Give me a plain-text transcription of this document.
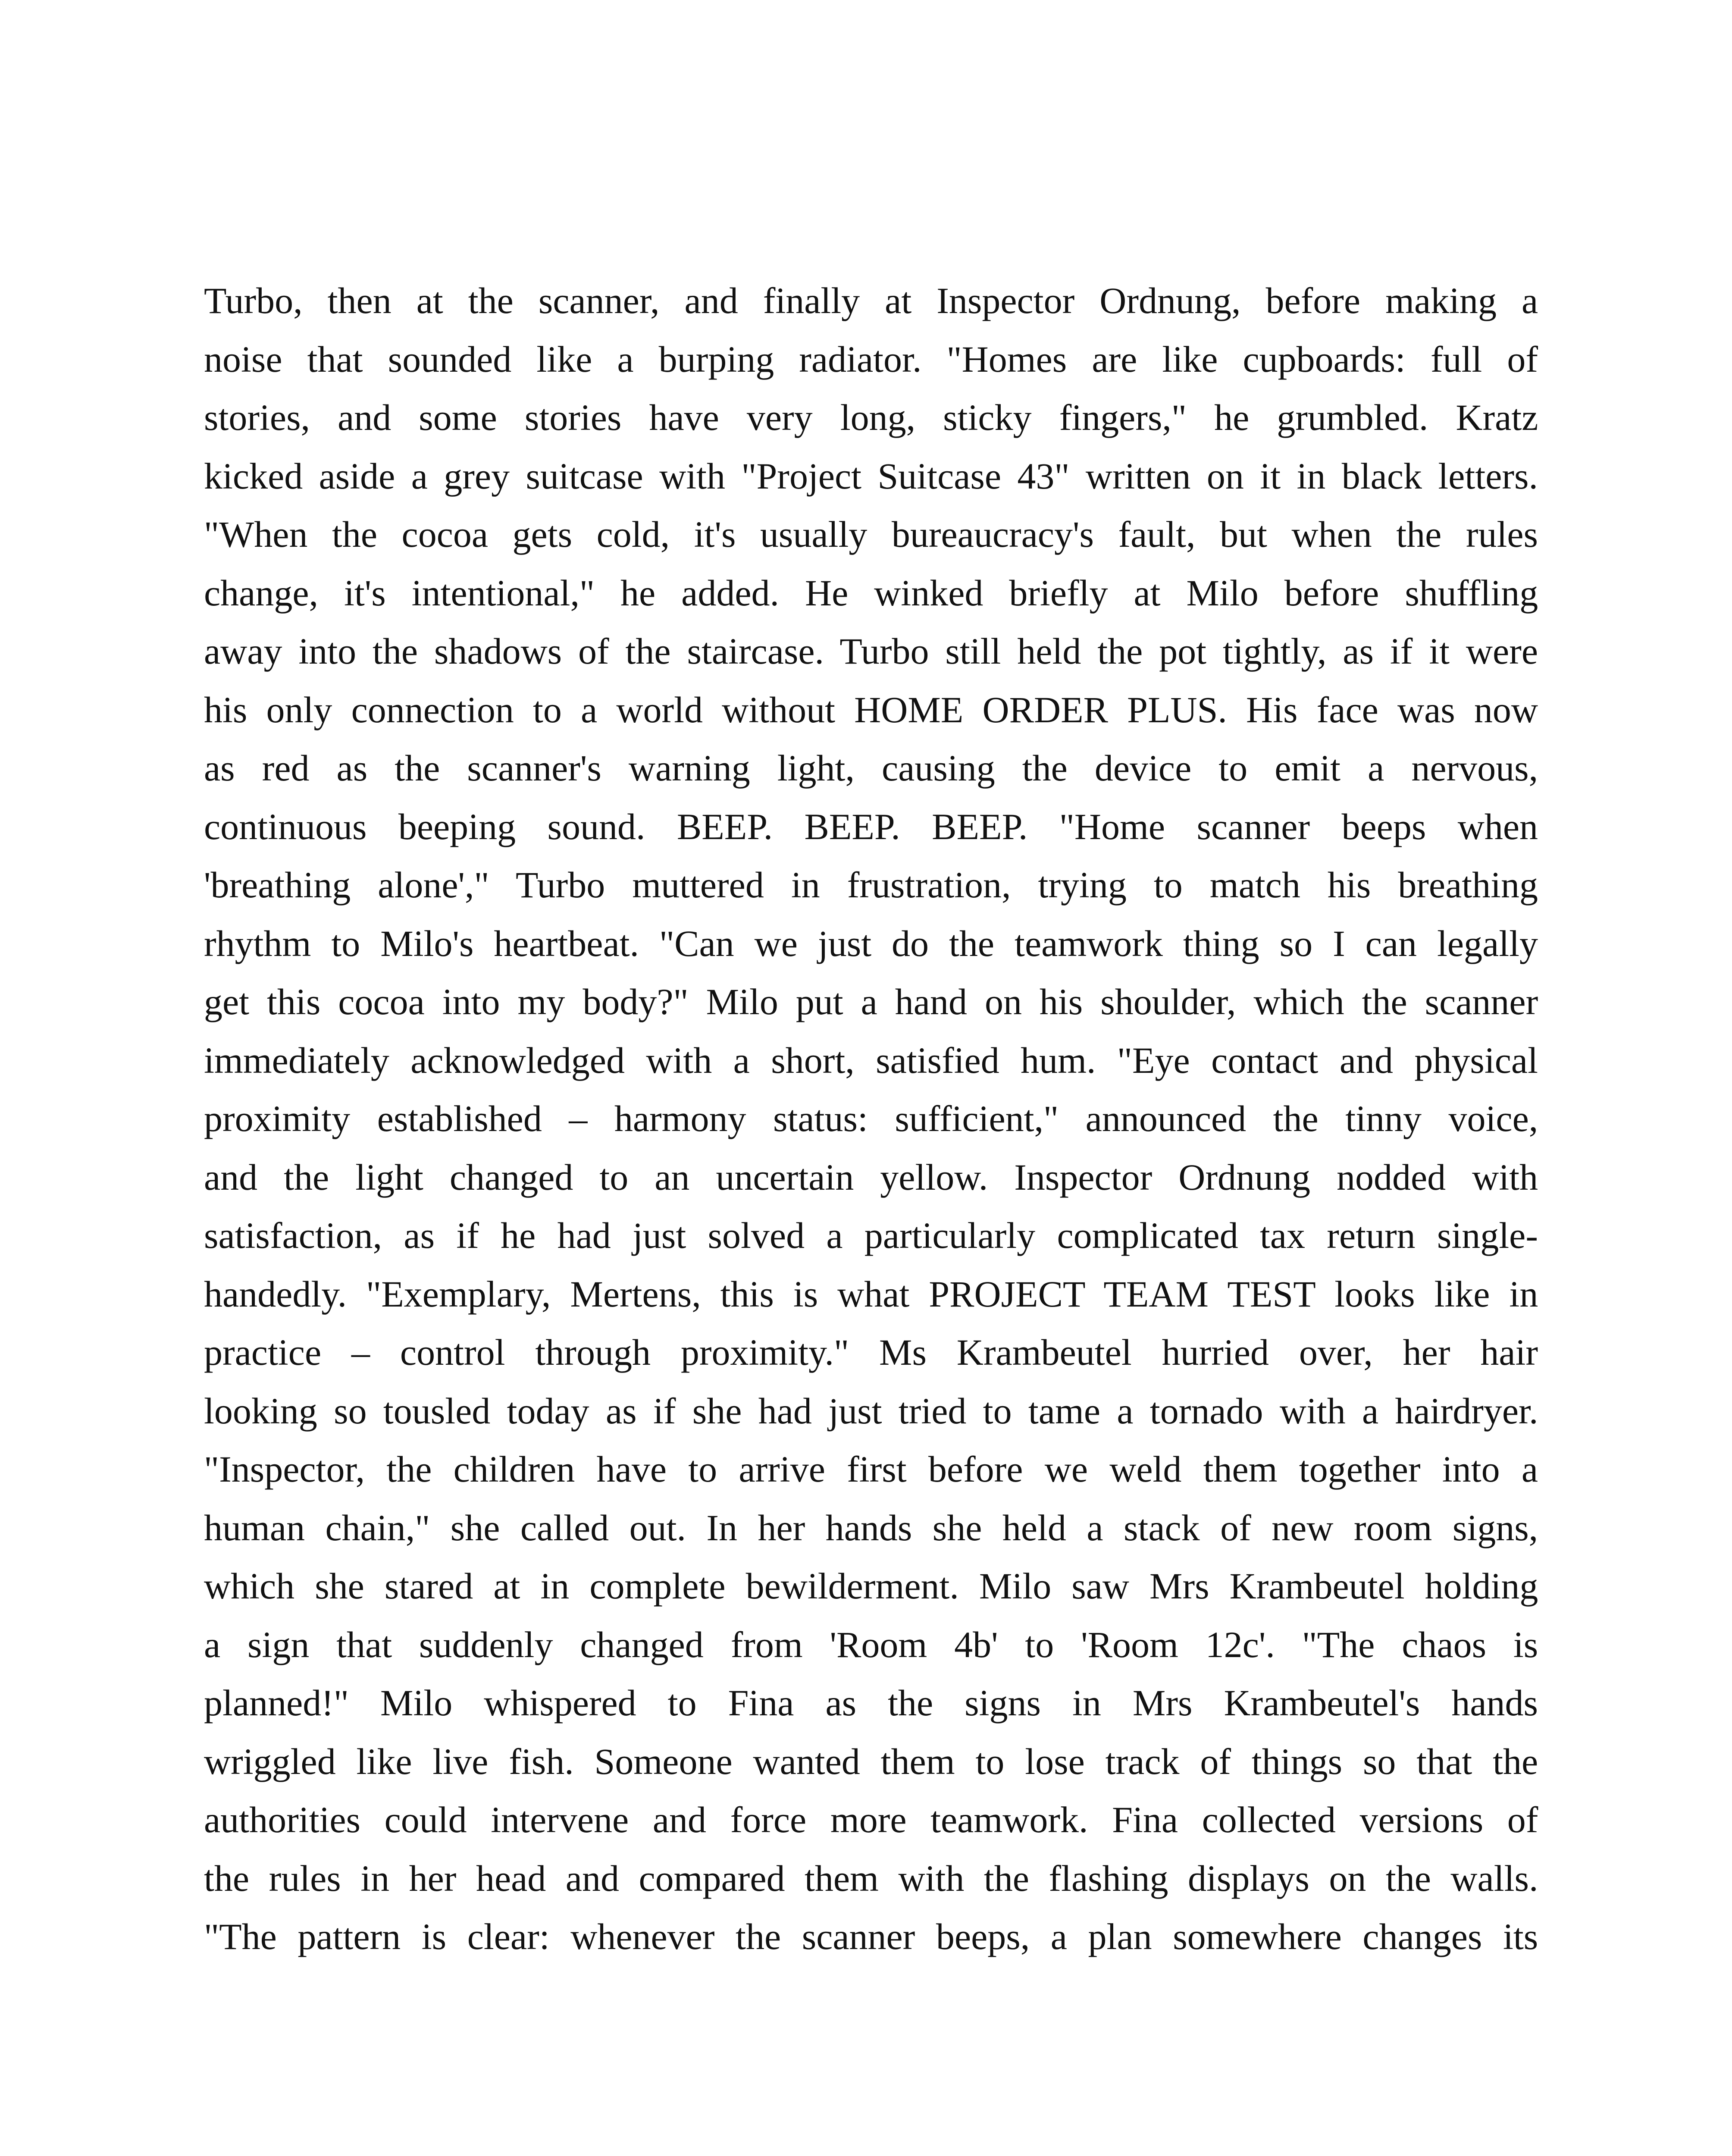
Turbo, then at the scanner, and finally at Inspector Ordnung, before making a
noise that sounded like a burping radiator. "Homes are like cupboards: full of
stories, and some stories have very long, sticky fingers," he grumbled. Kratz
kicked aside a grey suitcase with "Project Suitcase 43" written on it in black letters.
"When the cocoa gets cold, it's usually bureaucracy's fault, but when the rules
change, it's intentional," he added. He winked briefly at Milo before shuffling
away into the shadows of the staircase. Turbo still held the pot tightly, as if it were
his only connection to a world without HOME ORDER PLUS. His face was now
as red as the scanner's warning light, causing the device to emit a nervous,
continuous beeping sound. BEEP. BEEP. BEEP. "Home scanner beeps when
'breathing alone'," Turbo muttered in frustration, trying to match his breathing
rhythm to Milo's heartbeat. "Can we just do the teamwork thing so I can legally
get this cocoa into my body?" Milo put a hand on his shoulder, which the scanner
immediately acknowledged with a short, satisfied hum. "Eye contact and physical
proximity established – harmony status: sufficient," announced the tinny voice,
and the light changed to an uncertain yellow. Inspector Ordnung nodded with
satisfaction, as if he had just solved a particularly complicated tax return single-
handedly. "Exemplary, Mertens, this is what PROJECT TEAM TEST looks like in
practice – control through proximity." Ms Krambeutel hurried over, her hair
looking so tousled today as if she had just tried to tame a tornado with a hairdryer.
"Inspector, the children have to arrive first before we weld them together into a
human chain," she called out. In her hands she held a stack of new room signs,
which she stared at in complete bewilderment. Milo saw Mrs Krambeutel holding
a sign that suddenly changed from 'Room 4b' to 'Room 12c'. "The chaos is
planned!" Milo whispered to Fina as the signs in Mrs Krambeutel's hands
wriggled like live fish. Someone wanted them to lose track of things so that the
authorities could intervene and force more teamwork. Fina collected versions of
the rules in her head and compared them with the flashing displays on the walls.
"The pattern is clear: whenever the scanner beeps, a plan somewhere changes its
